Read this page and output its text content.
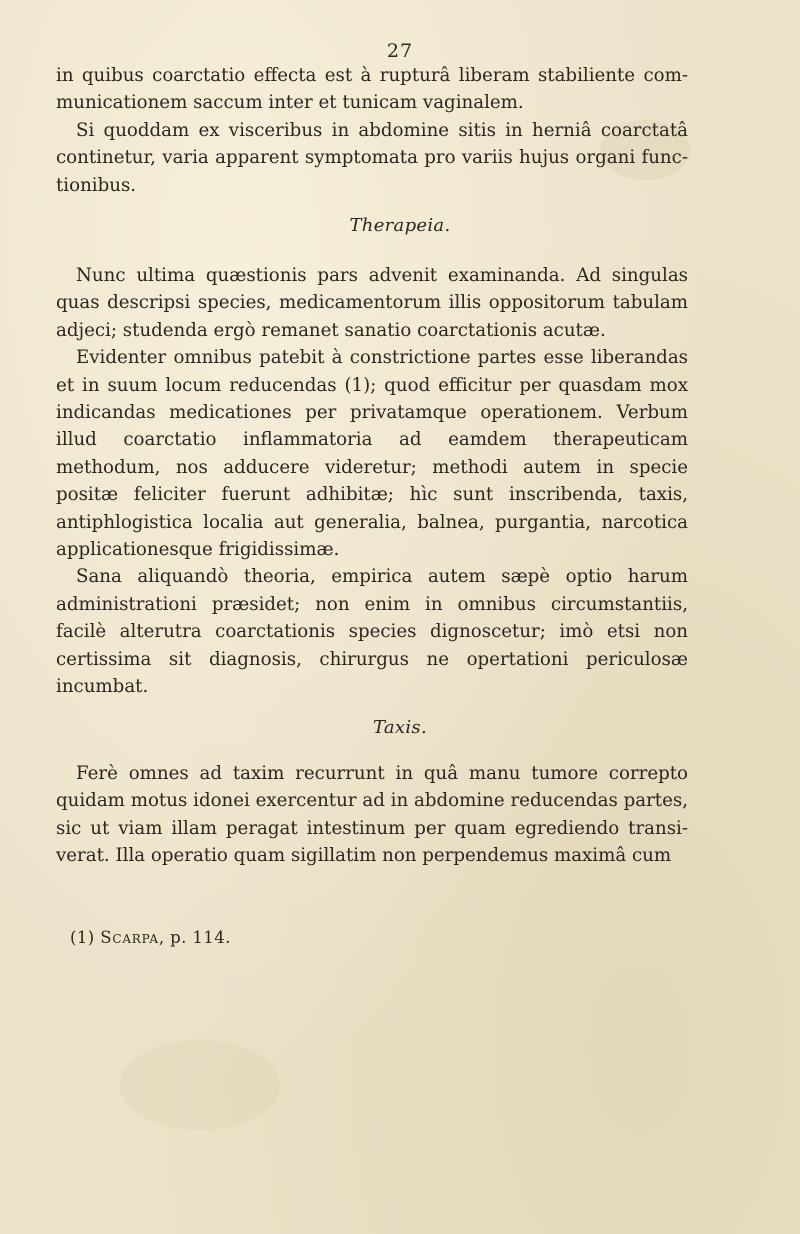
27

in quibus coarctatio effecta est à rupturâ liberam stabiliente communicationem saccum inter et tunicam vaginalem.

Si quoddam ex visceribus in abdomine sitis in herniâ coarctatâ continetur, varia apparent symptomata pro variis hujus organi functionibus.

Therapeia.

Nunc ultima quæstionis pars advenit examinanda. Ad singulas quas descripsi species, medicamentorum illis oppositorum tabulam adjeci; studenda ergò remanet sanatio coarctationis acutæ.

Evidenter omnibus patebit à constrictione partes esse liberandas et in suum locum reducendas (1); quod efficitur per quasdam mox indicandas medicationes per privatamque operationem. Verbum illud coarctatio inflammatoria ad eamdem therapeuticam methodum, nos adducere videretur; methodi autem in specie positæ feliciter fuerunt adhibitæ; hìc sunt inscribenda, taxis, antiphlogistica localia aut generalia, balnea, purgantia, narcotica applicationesque frigidissimæ.

Sana aliquandò theoria, empirica autem sæpè optio harum administrationi præsidet; non enim in omnibus circumstantiis, facilè alterutra coarctationis species dignoscetur; imò etsi non certissima sit diagnosis, chirurgus ne opertationi periculosæ incumbat.

Taxis.

Ferè omnes ad taxim recurrunt in quâ manu tumore correpto quidam motus idonei exercentur ad in abdomine reducendas partes, sic ut viam illam peragat intestinum per quam egrediendo transiverat. Illa operatio quam sigillatim non perpendemus maximâ cum

(1) Scarpa, p. 114.
